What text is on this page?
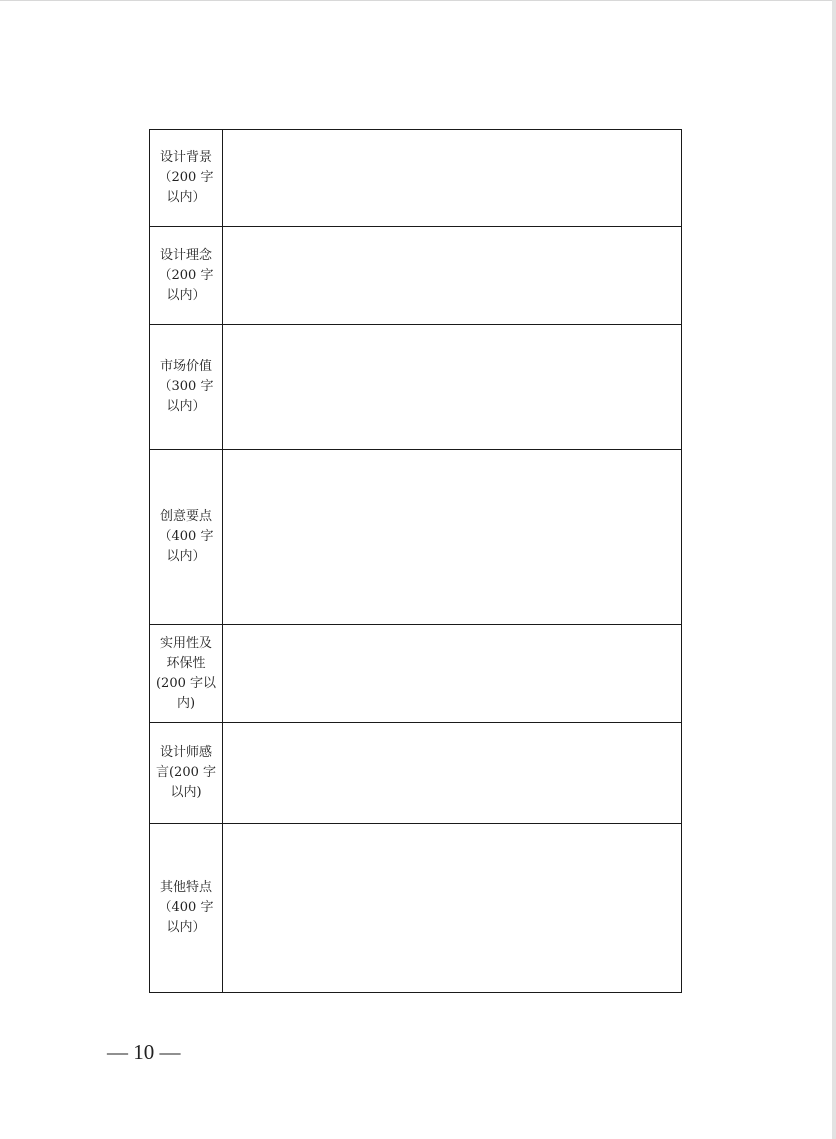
设计背景
（200 字
以内）	

设计理念
（200 字
以内）	

市场价值
（300 字
以内）	

创意要点
（400 字
以内）	

实用性及
环保性
(200 字以
内)	

设计师感
言(200 字
以内)	

其他特点
（400 字
以内）	

— 10 —
